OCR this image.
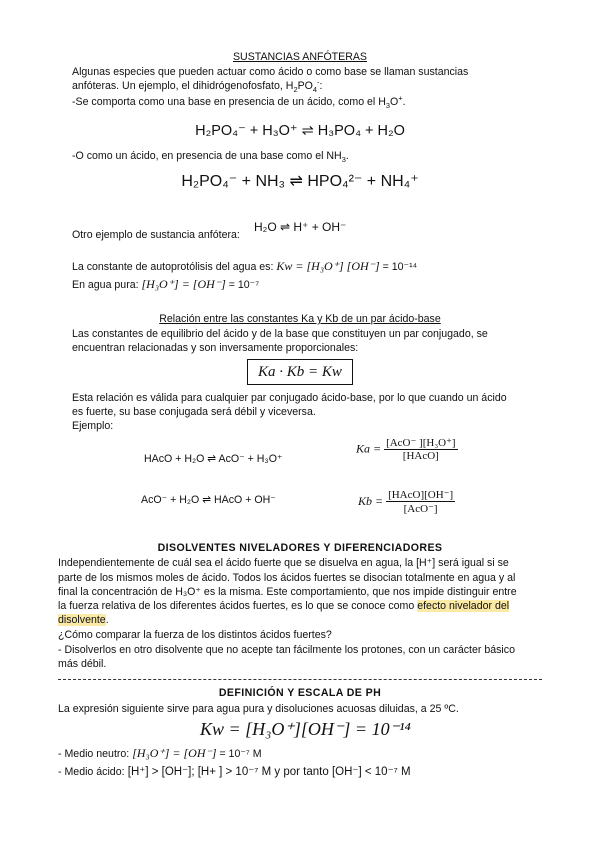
SUSTANCIAS ANFÓTERAS
Algunas especies que pueden actuar como ácido o como base se llaman sustancias
anfóteras. Un ejemplo, el dihidrógenofosfato, $H_2PO_4^-$:
-Se comporta como una base en presencia de un ácido, como el $H_3O^+$.
H₂PO₄⁻ + H₃O⁺ ⇌ H₃PO₄ + H₂O
-O como un ácido, en presencia de una base como el $NH_3$.
H₂PO₄⁻ + NH₃ ⇌ HPO₄²⁻ + NH₄⁺
Otro ejemplo de sustancia anfótera:
H₂O ⇌ H⁺ + OH⁻
La constante de autoprotólisis del agua es: Kw = [H₃O⁺] [OH⁻] = 10⁻¹⁴
En agua pura: [H₃O⁺] = [OH⁻] = 10⁻⁷
Relación entre las constantes Ka y Kb de un par ácido-base
Las constantes de equilibrio del ácido y de la base que constituyen un par conjugado, se
encuentran relacionadas y son inversamente proporcionales:
Ka · Kb = Kw
Esta relación es válida para cualquier par conjugado ácido-base, por lo que cuando un ácido
es fuerte, su base conjugada será débil y viceversa.
Ejemplo:
HAcO + H₂O ⇌ AcO⁻ + H₃O⁺
$Ka = \frac{\text{[AcO⁻ ][H₃O⁺]}}{\text{[HAcO]}}$
AcO⁻ + H₂O ⇌ HAcO + OH⁻	$Kb = \frac{\text{[HAcO][OH⁻]}}{\text{[AcO⁻]}}$
DISOLVENTES NIVELADORES Y DIFERENCIADORES
Independientemente de cuál sea el ácido fuerte que se disuelva en agua, la [H⁺] será igual si se
parte de los mismos moles de ácido. Todos los ácidos fuertes se disocian totalmente en agua y al
final la concentración de H₃O⁺ es la misma. Este comportamiento, que nos impide distinguir entre
la fuerza relativa de los diferentes ácidos fuertes, es lo que se conoce como efecto nivelador del
disolvente.
¿Cómo comparar la fuerza de los distintos ácidos fuertes?
- Disolverlos en otro disolvente que no acepte tan fácilmente los protones, con un carácter básico
más débil.
DEFINICIÓN Y ESCALA DE PH
La expresión siguiente sirve para agua pura y disoluciones acuosas diluidas, a 25 ºC.
Kw = [H₃O⁺][OH⁻] = 10⁻¹⁴
- Medio neutro: [H₃O⁺] = [OH⁻] = 10⁻⁷ M
- Medio ácido: [H⁺] > [OH⁻]; [H+ ] > 10⁻⁷ M y por tanto [OH⁻] < 10⁻⁷ M
